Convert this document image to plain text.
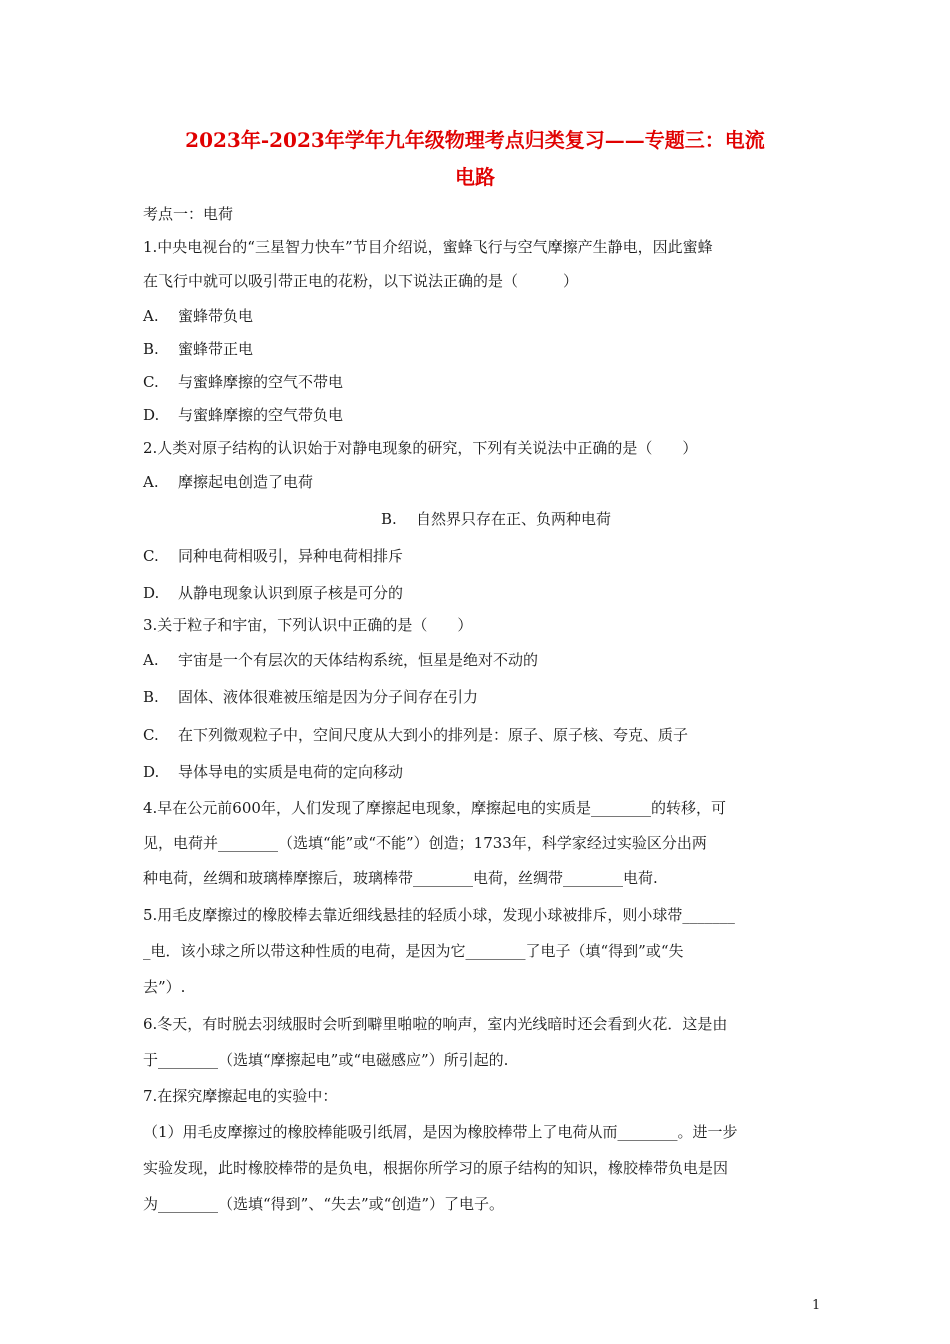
2023年-2023年学年九年级物理考点归类复习——专题三：电流
电路
考点一：电荷
1.中央电视台的“三星智力快车”节目介绍说，蜜蜂飞行与空气摩擦产生静电，因此蜜蜂
在飞行中就可以吸引带正电的花粉，以下说法正确的是（　　　）
A. 蜜蜂带负电
B. 蜜蜂带正电
C. 与蜜蜂摩擦的空气不带电
D. 与蜜蜂摩擦的空气带负电
2.人类对原子结构的认识始于对静电现象的研究，下列有关说法中正确的是（　　）
A. 摩擦起电创造了电荷
B. 自然界只存在正、负两种电荷
C. 同种电荷相吸引，异种电荷相排斥
D. 从静电现象认识到原子核是可分的
3.关于粒子和宇宙，下列认识中正确的是（　　）
A. 宇宙是一个有层次的天体结构系统，恒星是绝对不动的
B. 固体、液体很难被压缩是因为分子间存在引力
C. 在下列微观粒子中，空间尺度从大到小的排列是：原子、原子核、夸克、质子
D. 导体导电的实质是电荷的定向移动
4.早在公元前600年，人们发现了摩擦起电现象，摩擦起电的实质是________的转移，可
见，电荷并________（选填“能”或“不能”）创造；1733年，科学家经过实验区分出两
种电荷，丝绸和玻璃棒摩擦后，玻璃棒带________电荷，丝绸带________电荷.
5.用毛皮摩擦过的橡胶棒去靠近细线悬挂的轻质小球，发现小球被排斥，则小球带_______
_电．该小球之所以带这种性质的电荷，是因为它________了电子（填“得到”或“失
去”）.
6.冬天，有时脱去羽绒服时会听到噼里啪啦的响声，室内光线暗时还会看到火花．这是由
于________（选填“摩擦起电”或“电磁感应”）所引起的.
7.在探究摩擦起电的实验中：
（1）用毛皮摩擦过的橡胶棒能吸引纸屑，是因为橡胶棒带上了电荷从而________。进一步
实验发现，此时橡胶棒带的是负电，根据你所学习的原子结构的知识，橡胶棒带负电是因
为________（选填“得到”、“失去”或“创造”）了电子。
1
